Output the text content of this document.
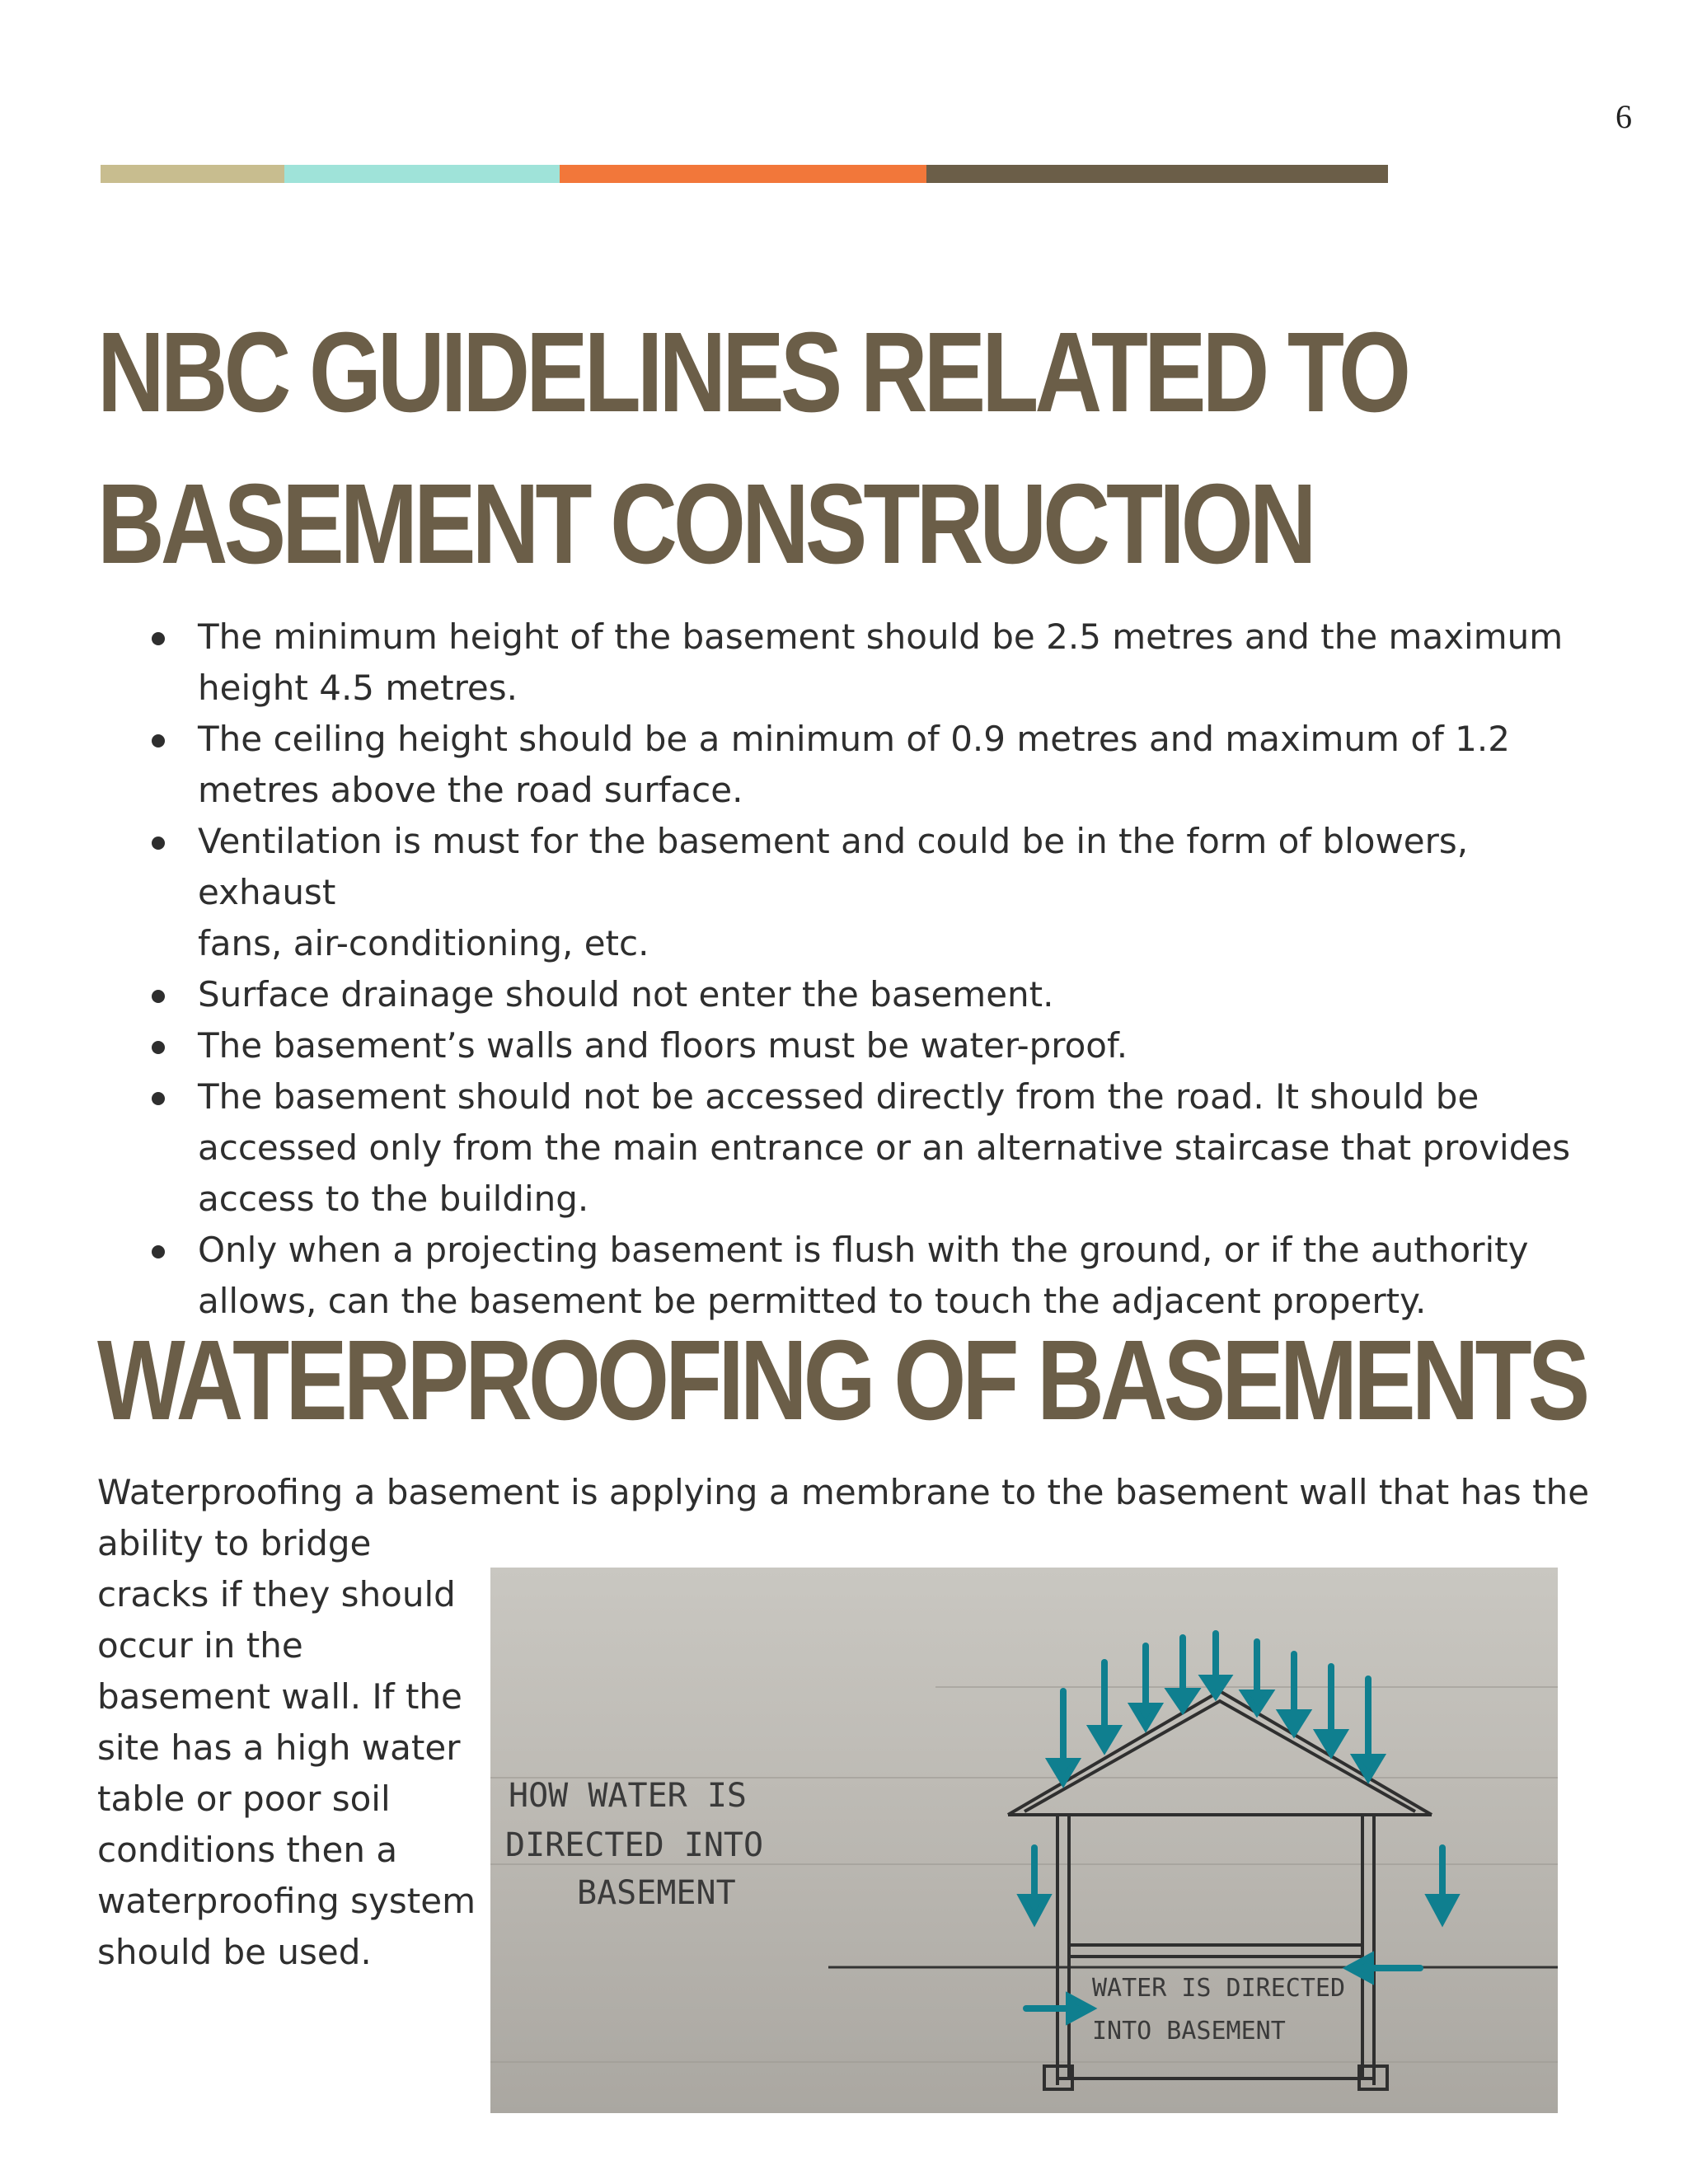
6
NBC GUIDELINES RELATED TO
BASEMENT CONSTRUCTION
The minimum height of the basement should be 2.5 metres and the maximum
height 4.5 metres.
The ceiling height should be a minimum of 0.9 metres and maximum of 1.2
metres above the road surface.
Ventilation is must for the basement and could be in the form of blowers, exhaust
fans, air-conditioning, etc.
Surface drainage should not enter the basement.
The basement’s walls and floors must be water-proof.
The basement should not be accessed directly from the road. It should be
accessed only from the main entrance or an alternative staircase that provides
access to the building.
Only when a projecting basement is flush with the ground, or if the authority
allows, can the basement be permitted to touch the adjacent property.
WATERPROOFING OF BASEMENTS
Waterproofing a basement is applying a membrane to the basement wall that has the
ability to bridge
cracks if they should
occur in the
basement wall. If the
site has a high water
table or poor soil
conditions then a
waterproofing system
should be used.
HOW WATER IS
DIRECTED INTO
BASEMENT
WATER IS DIRECTED
INTO BASEMENT
